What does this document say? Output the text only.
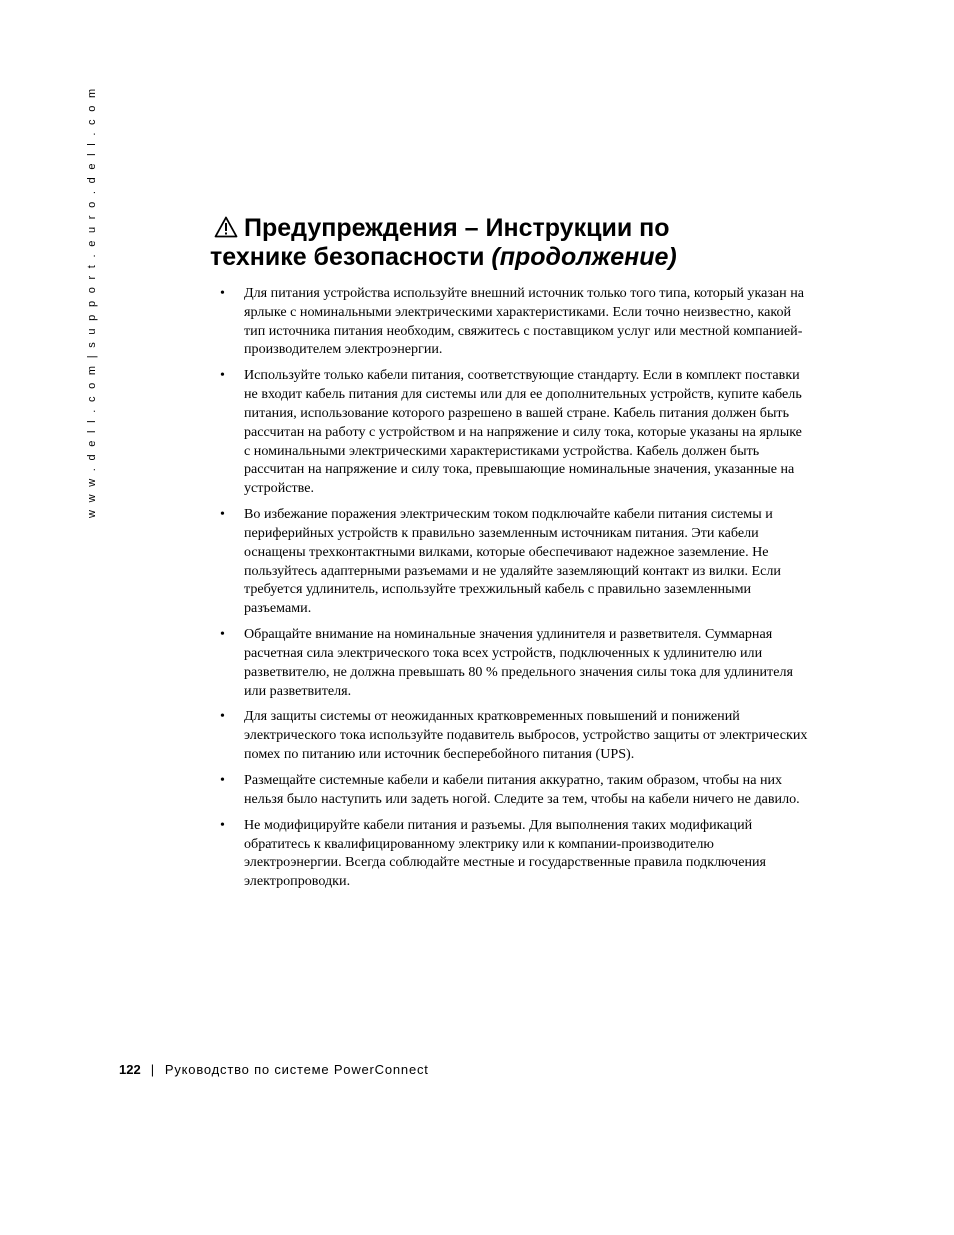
w w w . d e l l . c o m | s u p p o r t . e u r o . d e l l . c o m	Предупреждения – Инструкции по
технике безопасности (продолжение)
•	Для питания устройства используйте внешний источник только того типа, который указан на ярлыке с номинальными электрическими характеристиками. Если точно неизвестно, какой тип источника питания необходим, свяжитесь с поставщиком услуг или местной компанией-производителем электроэнергии.

•	Используйте только кабели питания, соответствующие стандарту. Если в комплект поставки не входит кабель питания для системы или для ее дополнительных устройств, купите кабель питания, использование которого разрешено в вашей стране. Кабель питания должен быть рассчитан на работу с устройством и на напряжение и силу тока, которые указаны на ярлыке с номинальными электрическими характеристиками устройства. Кабель должен быть рассчитан на напряжение и силу тока, превышающие номинальные значения, указанные на устройстве.

•	Во избежание поражения электрическим током подключайте кабели питания системы и периферийных устройств к правильно заземленным источникам питания. Эти кабели оснащены трехконтактными вилками, которые обеспечивают надежное заземление. Не пользуйтесь адаптерными разъемами и не удаляйте заземляющий контакт из вилки. Если требуется удлинитель, используйте трехжильный кабель с правильно заземленными разъемами.

•	Обращайте внимание на номинальные значения удлинителя и разветвителя. Суммарная расчетная сила электрического тока всех устройств, подключенных к удлинителю или разветвителю, не должна превышать 80 % предельного значения силы тока для удлинителя или разветвителя.

•	Для защиты системы от неожиданных кратковременных повышений и понижений электрического тока используйте подавитель выбросов, устройство защиты от электрических помех по питанию или источник бесперебойного питания (UPS).

•	Размещайте системные кабели и кабели питания аккуратно, таким образом, чтобы на них нельзя было наступить или задеть ногой. Следите за тем, чтобы на кабели ничего не давило.

•	Не модифицируйте кабели питания и разъемы. Для выполнения таких модификаций обратитесь к квалифицированному электрику или к компании-производителю электроэнергии. Всегда соблюдайте местные и государственные правила подключения электропроводки.

122 | Руководство по системе PowerConnect
